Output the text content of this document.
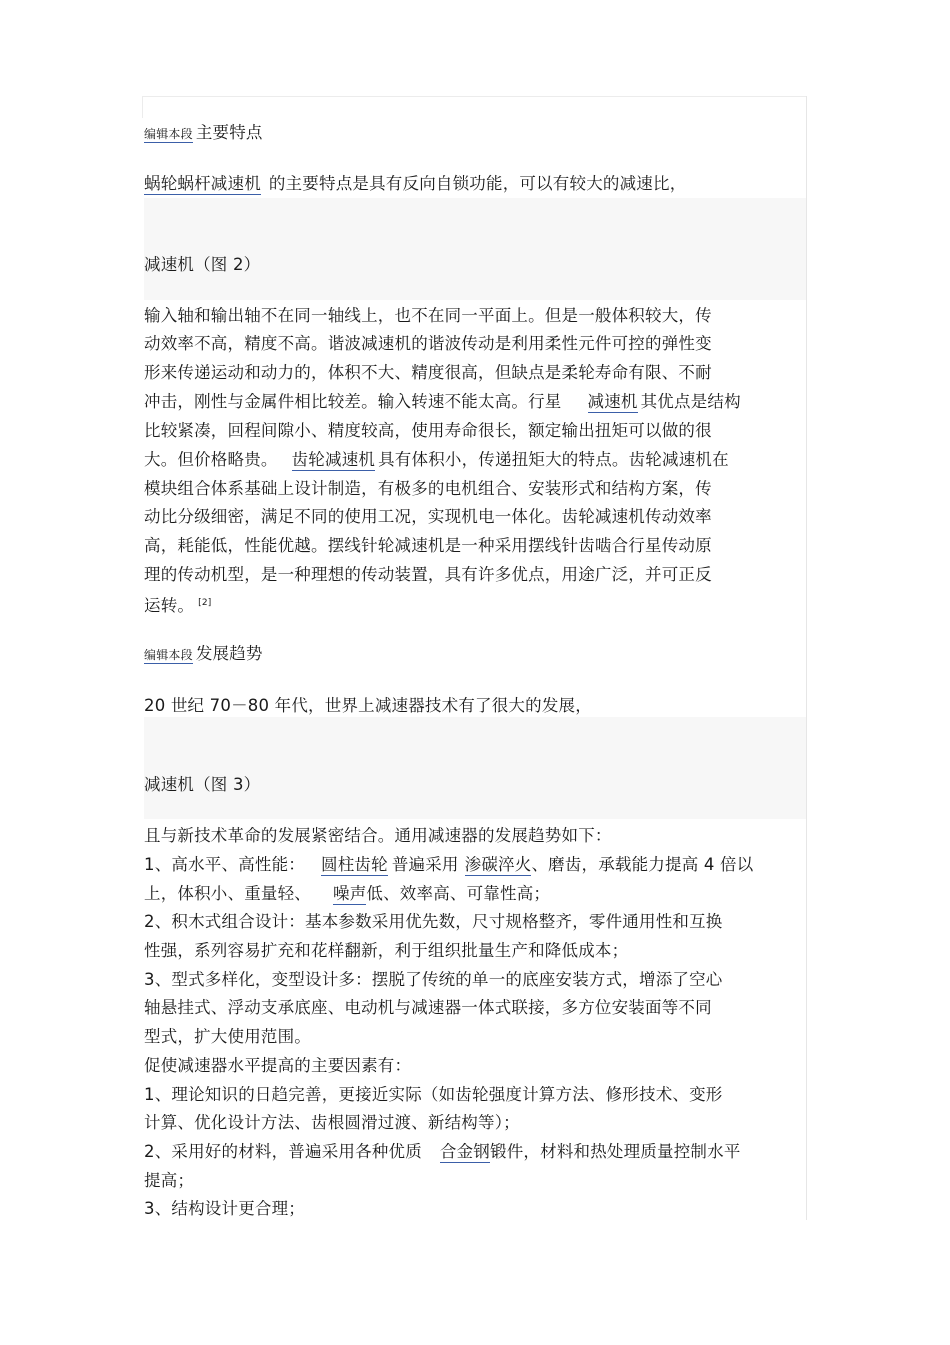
编辑本段 主要特点
蜗轮蜗杆减速机 的主要特点是具有反向自锁功能，可以有较大的减速比，
减速机（图 2）
输入轴和输出轴不在同一轴线上，也不在同一平面上。但是一般体积较大，传
动效率不高，精度不高。谐波减速机的谐波传动是利用柔性元件可控的弹性变
形来传递运动和动力的，体积不大、精度很高，但缺点是柔轮寿命有限、不耐
冲击，刚性与金属件相比较差。输入转速不能太高。行星 减速机 其优点是结构
比较紧凑，回程间隙小、精度较高，使用寿命很长，额定输出扭矩可以做的很
大。但价格略贵。 齿轮减速机 具有体积小，传递扭矩大的特点。齿轮减速机在
模块组合体系基础上设计制造，有极多的电机组合、安装形式和结构方案，传
动比分级细密，满足不同的使用工况，实现机电一体化。齿轮减速机传动效率
高，耗能低，性能优越。摆线针轮减速机是一种采用摆线针齿啮合行星传动原
理的传动机型，是一种理想的传动装置，具有许多优点，用途广泛，并可正反
运转。 [2]
编辑本段 发展趋势
20 世纪 70－80 年代，世界上减速器技术有了很大的发展，
减速机（图 3）
且与新技术革命的发展紧密结合。通用减速器的发展趋势如下：
1、高水平、高性能： 圆柱齿轮 普遍采用 渗碳淬火、磨齿，承载能力提高 4 倍以
上，体积小、重量轻、 噪声低、效率高、可靠性高；
2、积木式组合设计：基本参数采用优先数，尺寸规格整齐，零件通用性和互换
性强，系列容易扩充和花样翻新，利于组织批量生产和降低成本；
3、型式多样化，变型设计多：摆脱了传统的单一的底座安装方式，增添了空心
轴悬挂式、浮动支承底座、电动机与减速器一体式联接，多方位安装面等不同
型式，扩大使用范围。
促使减速器水平提高的主要因素有：
1、理论知识的日趋完善，更接近实际（如齿轮强度计算方法、修形技术、变形
计算、优化设计方法、齿根圆滑过渡、新结构等）；
2、采用好的材料，普遍采用各种优质 合金钢锻件，材料和热处理质量控制水平
提高；
3、结构设计更合理；
